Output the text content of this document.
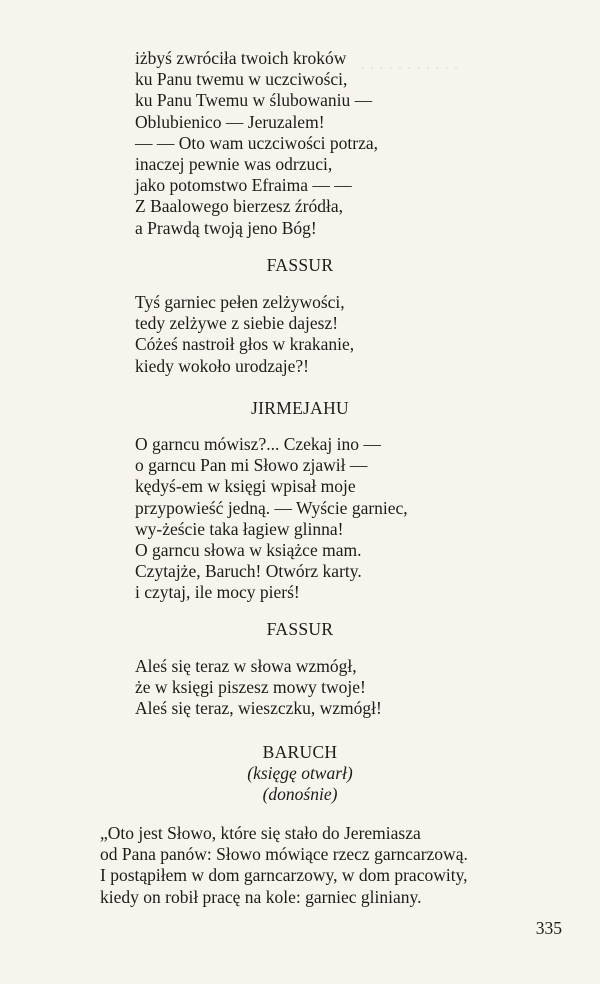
· · · · · · · · · · ·
iżbyś zwróciła twoich kroków
ku Panu twemu w uczciwości,
ku Panu Twemu w ślubowaniu —
Oblubienico — Jeruzalem!
— — Oto wam uczciwości potrza,
inaczej pewnie was odrzuci,
jako potomstwo Efraima — —
Z Baalowego bierzesz źródła,
a Prawdą twoją jeno Bóg!
FASSUR
Tyś garniec pełen zelżywości,
tedy zelżywe z siebie dajesz!
Cóżeś nastroił głos w krakanie,
kiedy wokoło urodzaje?!
JIRMEJAHU
O garncu mówisz?... Czekaj ino —
o garncu Pan mi Słowo zjawił —
kędyś-em w księgi wpisał moje
przypowieść jedną. — Wyście garniec,
wy-żeście taka łagiew glinna!
O garncu słowa w książce mam.
Czytajże, Baruch! Otwórz karty.
i czytaj, ile mocy pierś!
FASSUR
Aleś się teraz w słowa wzmógł,
że w księgi piszesz mowy twoje!
Aleś się teraz, wieszczku, wzmógł!
BARUCH
(księgę otwarł)
(donośnie)
„Oto jest Słowo, które się stało do Jeremiasza
od Pana panów: Słowo mówiące rzecz garncarzową.
I postąpiłem w dom garncarzowy, w dom pracowity,
kiedy on robił pracę na kole: garniec gliniany.
335
